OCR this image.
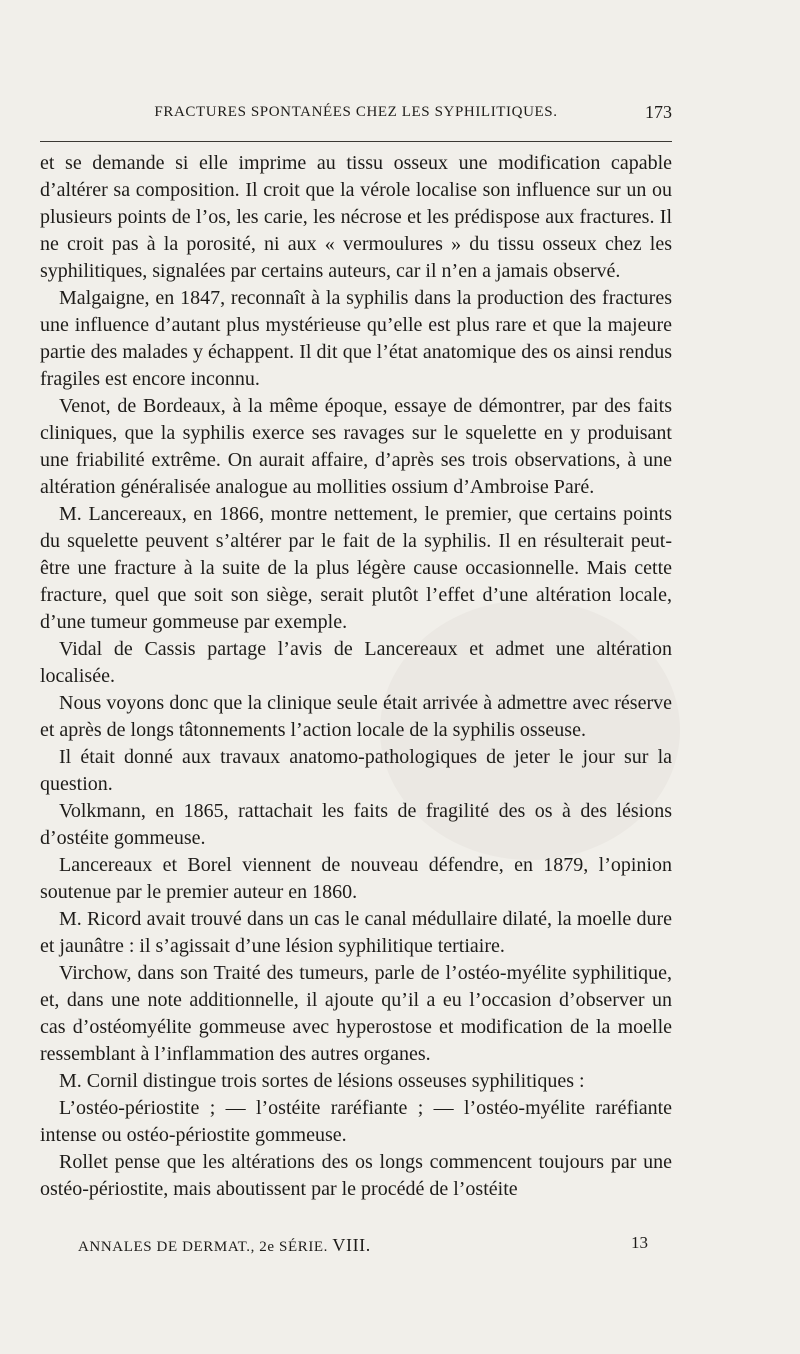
FRACTURES SPONTANÉES CHEZ LES SYPHILITIQUES.	173

et se demande si elle imprime au tissu osseux une modification capable d’altérer sa composition. Il croit que la vérole localise son influence sur un ou plusieurs points de l’os, les carie, les nécrose et les prédispose aux fractures. Il ne croit pas à la porosité, ni aux « vermoulures » du tissu osseux chez les syphilitiques, signalées par certains auteurs, car il n’en a jamais observé.

Malgaigne, en 1847, reconnaît à la syphilis dans la production des fractures une influence d’autant plus mystérieuse qu’elle est plus rare et que la majeure partie des malades y échappent. Il dit que l’état anatomique des os ainsi rendus fragiles est encore inconnu.

Venot, de Bordeaux, à la même époque, essaye de démontrer, par des faits cliniques, que la syphilis exerce ses ravages sur le squelette en y produisant une friabilité extrême. On aurait affaire, d’après ses trois observations, à une altération généralisée analogue au mollities ossium d’Ambroise Paré.

M. Lancereaux, en 1866, montre nettement, le premier, que certains points du squelette peuvent s’altérer par le fait de la syphilis. Il en résulterait peut-être une fracture à la suite de la plus légère cause occasionnelle. Mais cette fracture, quel que soit son siège, serait plutôt l’effet d’une altération locale, d’une tumeur gommeuse par exemple.

Vidal de Cassis partage l’avis de Lancereaux et admet une altération localisée.

Nous voyons donc que la clinique seule était arrivée à admettre avec réserve et après de longs tâtonnements l’action locale de la syphilis osseuse.

Il était donné aux travaux anatomo-pathologiques de jeter le jour sur la question.

Volkmann, en 1865, rattachait les faits de fragilité des os à des lésions d’ostéite gommeuse.

Lancereaux et Borel viennent de nouveau défendre, en 1879, l’opinion soutenue par le premier auteur en 1860.

M. Ricord avait trouvé dans un cas le canal médullaire dilaté, la moelle dure et jaunâtre : il s’agissait d’une lésion syphilitique tertiaire.

Virchow, dans son Traité des tumeurs, parle de l’ostéo-myélite syphilitique, et, dans une note additionnelle, il ajoute qu’il a eu l’occasion d’observer un cas d’ostéomyélite gommeuse avec hyperostose et modification de la moelle ressemblant à l’inflammation des autres organes.

M. Cornil distingue trois sortes de lésions osseuses syphilitiques :

L’ostéo-périostite ; — l’ostéite raréfiante ; — l’ostéo-myélite raréfiante intense ou ostéo-périostite gommeuse.

Rollet pense que les altérations des os longs commencent toujours par une ostéo-périostite, mais aboutissent par le procédé de l’ostéite

ANNALES DE DERMAT., 2e SÉRIE. VIII.	13
